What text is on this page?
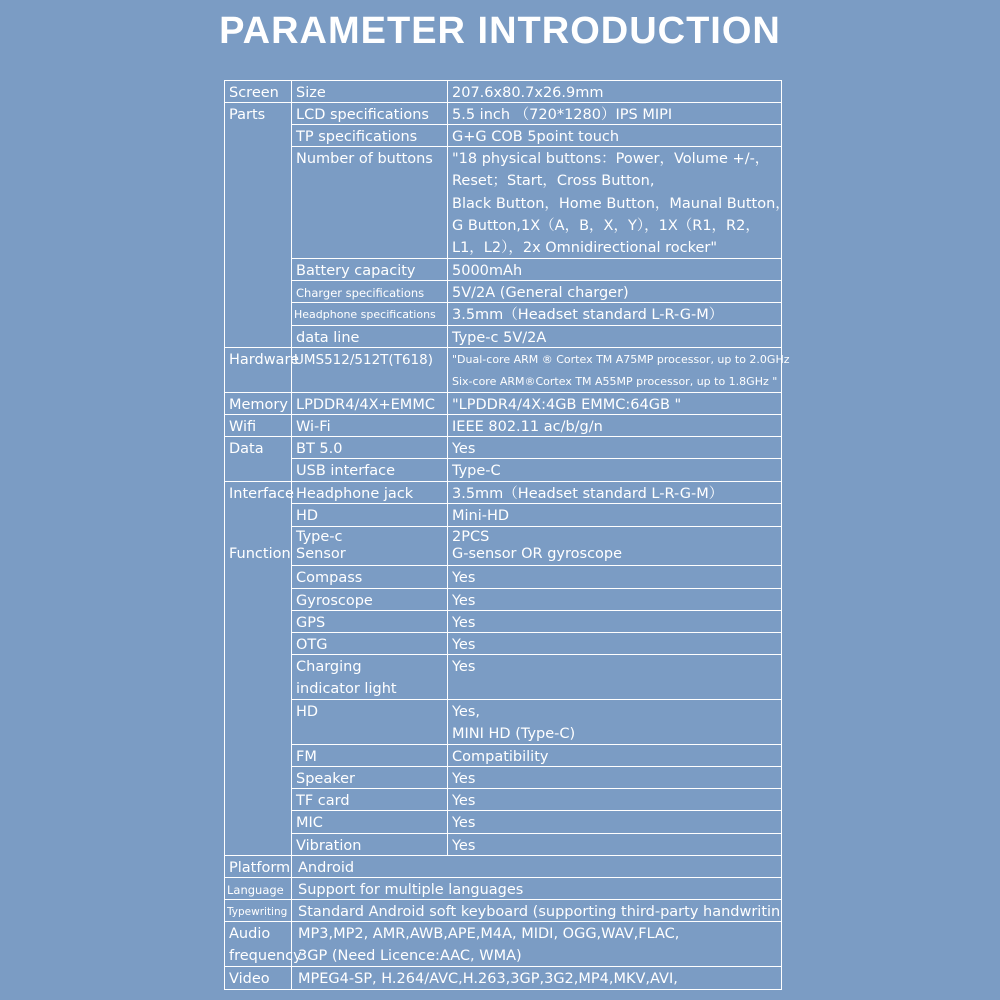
PARAMETER INTRODUCTION
Screen
Parts
Hardware
Memory
Wifi
Data
Interface
Function
Platform
Language
Typewriting
Audio
frequency
Video
Size
LCD specifications
TP specifications
Number of buttons
Battery capacity
Charger specifications
Headphone specifications
data line
UMS512/512T(T618)
LPDDR4/4X+EMMC
Wi-Fi
BT 5.0
USB interface
Headphone jack
HD
Type-c
Sensor
Compass
Gyroscope
GPS
OTG
Charging
indicator light
HD
FM
Speaker
TF card
MIC
Vibration
207.6x80.7x26.9mm
5.5 inch （720*1280）IPS MIPI
G+G COB 5point touch
"18 physical buttons：Power，Volume +/-，
Reset；Start，Cross Button,
Black Button，Home Button，Maunal Button，
G Button,1X（A，B，X，Y），1X（R1，R2，
L1，L2），2x Omnidirectional rocker"
5000mAh
5V/2A (General charger)
3.5mm（Headset standard L-R-G-M）
Type-c 5V/2A
"Dual-core ARM ® Cortex TM A75MP processor, up to 2.0GHz
Six-core ARM®Cortex TM A55MP processor, up to 1.8GHz "
"LPDDR4/4X:4GB EMMC:64GB "
IEEE 802.11 ac/b/g/n
Yes
Type-C
3.5mm（Headset standard L-R-G-M）
Mini-HD
2PCS
G-sensor OR gyroscope
Yes
Yes
Yes
Yes
Yes
Yes,
MINI HD (Type-C)
Compatibility
Yes
Yes
Yes
Yes
Android
Support for multiple languages
Standard Android soft keyboard (supporting third-party handwritin
MP3,MP2, AMR,AWB,APE,M4A, MIDI, OGG,WAV,FLAC,
3GP (Need Licence:AAC, WMA)
MPEG4-SP, H.264/AVC,H.263,3GP,3G2,MP4,MKV,AVI,
